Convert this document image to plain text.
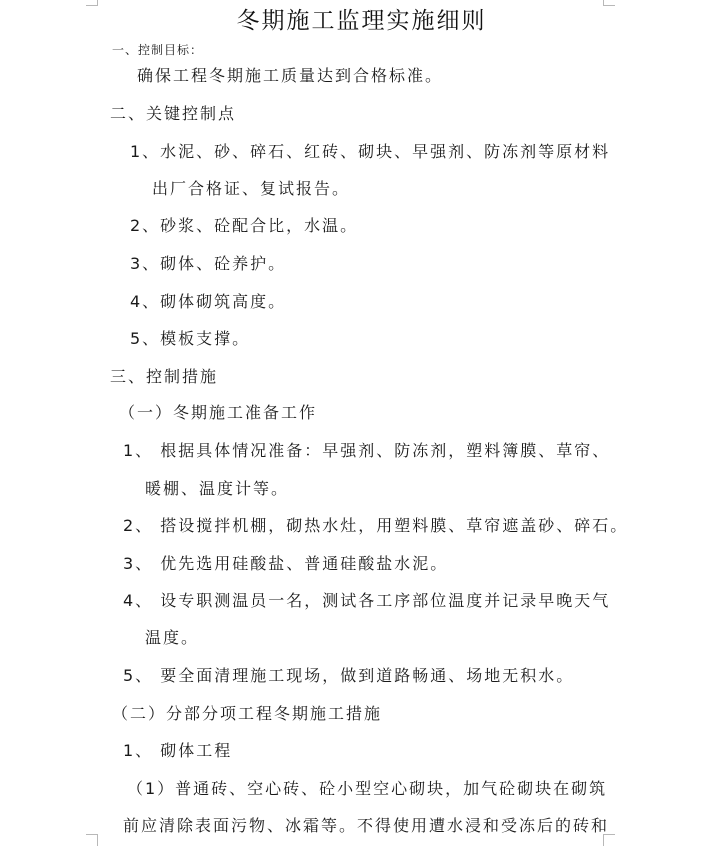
冬期施工监理实施细则
一、控制目标：
确保工程冬期施工质量达到合格标准。
二、关键控制点
1、水泥、砂、碎石、红砖、砌块、早强剂、防冻剂等原材料
出厂合格证、复试报告。
2、砂浆、砼配合比，水温。
3、砌体、砼养护。
4、砌体砌筑高度。
5、模板支撑。
三、控制措施
（一）冬期施工准备工作
1、 根据具体情况准备：早强剂、防冻剂，塑料簿膜、草帘、
暖棚、温度计等。
2、 搭设搅拌机棚，砌热水灶，用塑料膜、草帘遮盖砂、碎石。
3、 优先选用硅酸盐、普通硅酸盐水泥。
4、 设专职测温员一名，测试各工序部位温度并记录早晚天气
温度。
5、 要全面清理施工现场，做到道路畅通、场地无积水。
（二）分部分项工程冬期施工措施
1、 砌体工程
（1）普通砖、空心砖、砼小型空心砌块，加气砼砌块在砌筑
前应清除表面污物、冰霜等。不得使用遭水浸和受冻后的砖和
